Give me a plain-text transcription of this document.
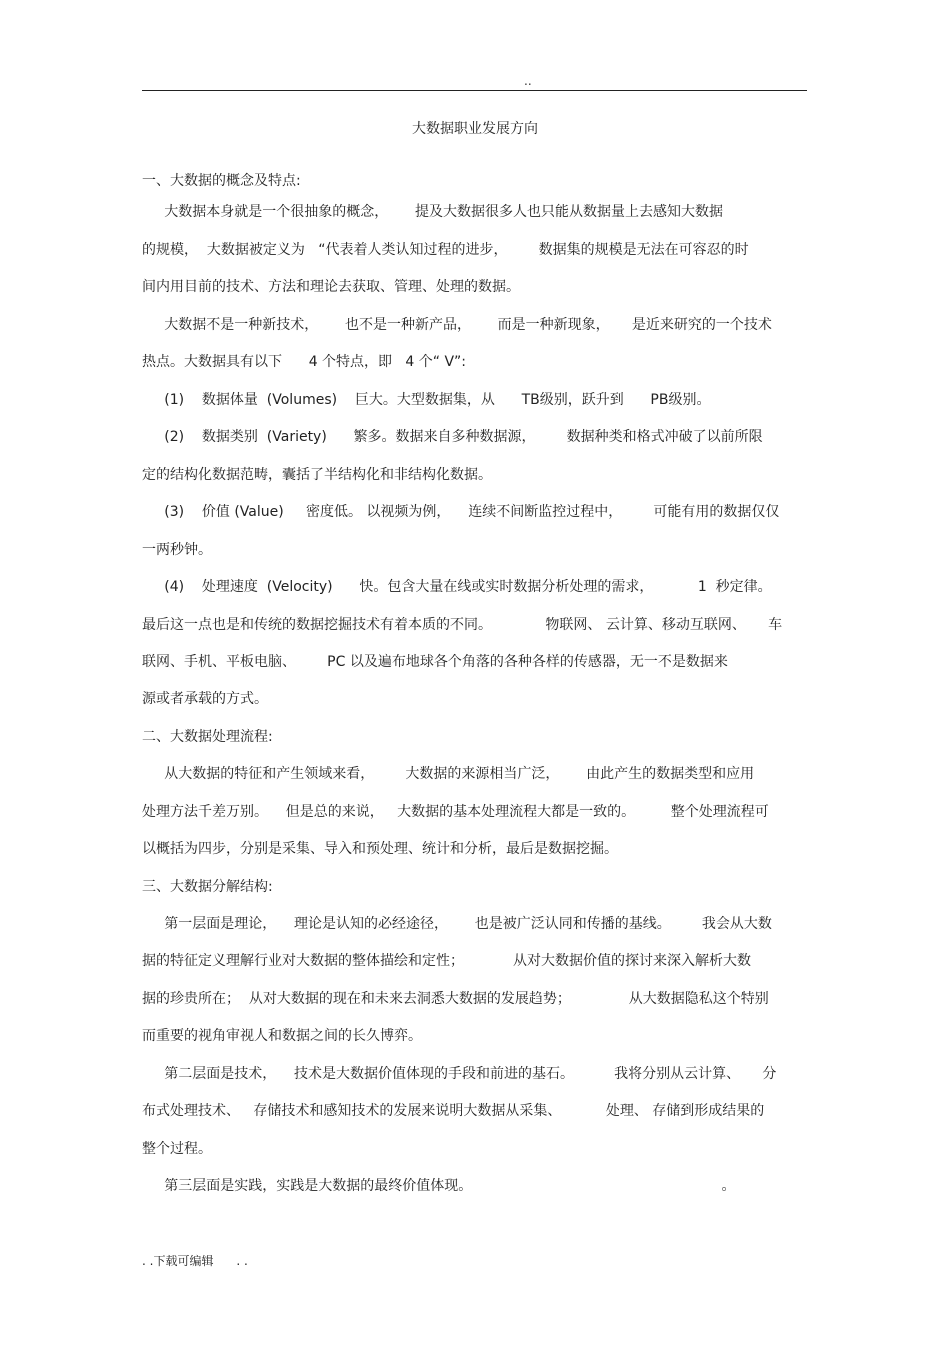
..
大数据职业发展方向
一、大数据的概念及特点:
大数据本身就是一个很抽象的概念，      提及大数据很多人也只能从数据量上去感知大数据
的规模，  大数据被定义为   “代表着人类认知过程的进步，       数据集的规模是无法在可容忍的时
间内用目前的技术、方法和理论去获取、管理、处理的数据。
大数据不是一种新技术，      也不是一种新产品，      而是一种新现象，     是近来研究的一个技术
热点。大数据具有以下      4 个特点，即   4 个“ V”:
(1)    数据体量  (Volumes)    巨大。大型数据集，从      TB级别，跃升到      PB级别。
(2)    数据类别  (Variety)      繁多。数据来自多种数据源，       数据种类和格式冲破了以前所限
定的结构化数据范畴，囊括了半结构化和非结构化数据。
(3)    价值 (Value)     密度低。 以视频为例，    连续不间断监控过程中，       可能有用的数据仅仅
一两秒钟。
(4)    处理速度  (Velocity)      快。包含大量在线或实时数据分析处理的需求，          1  秒定律。
最后这一点也是和传统的数据挖掘技术有着本质的不同。            物联网、 云计算、移动互联网、     车
联网、手机、平板电脑、       PC 以及遍布地球各个角落的各种各样的传感器，无一不是数据来
源或者承载的方式。
二、大数据处理流程:
从大数据的特征和产生领域来看，       大数据的来源相当广泛，      由此产生的数据类型和应用
处理方法千差万别。    但是总的来说，   大数据的基本处理流程大都是一致的。        整个处理流程可
以概括为四步，分别是采集、导入和预处理、统计和分析，最后是数据挖掘。
三、大数据分解结构:
第一层面是理论，    理论是认知的必经途径，      也是被广泛认同和传播的基线。       我会从大数
据的特征定义理解行业对大数据的整体描绘和定性；           从对大数据价值的探讨来深入解析大数
据的珍贵所在；  从对大数据的现在和未来去洞悉大数据的发展趋势；             从大数据隐私这个特别
而重要的视角审视人和数据之间的长久博弈。
第二层面是技术，    技术是大数据价值体现的手段和前进的基石。         我将分别从云计算、     分
布式处理技术、   存储技术和感知技术的发展来说明大数据从采集、          处理、 存储到形成结果的
整个过程。
第三层面是实践，实践是大数据的最终价值体现。                                                        。
. .下载可编辑      . .
